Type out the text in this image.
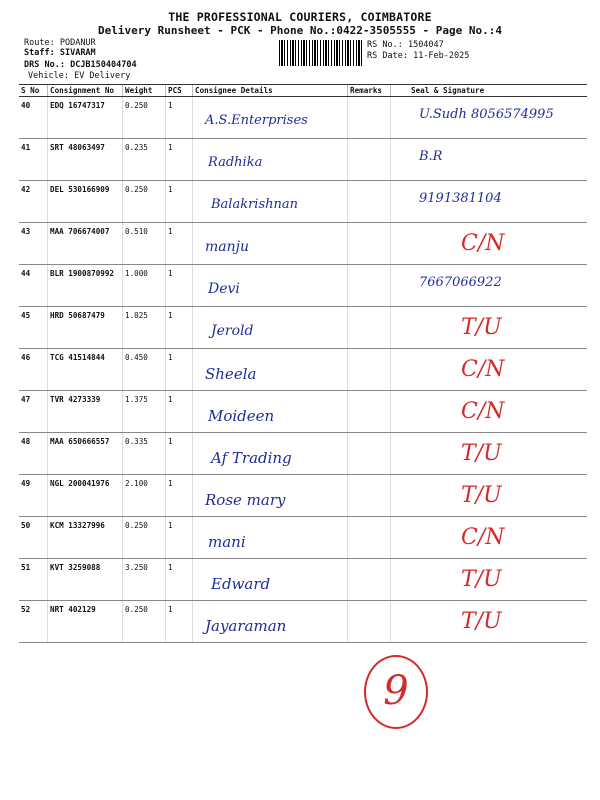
THE PROFESSIONAL COURIERS, COIMBATORE
Delivery Runsheet - PCK - Phone No.:0422-3505555 - Page No.:4
Route: PODANUR
Staff: SIVARAM
DRS No.: DCJB150404704
Vehicle: EV Delivery
RS No.: 1504047
RS Date: 11-Feb-2025
S No	Consignment No	Weight	PCS	Consignee Details	Remarks	Seal & Signature
40	EDQ 16747317	0.250	1	A.S.Enterprises		U.Sudh 8056574995

41	SRT 48063497	0.235	1	Radhika		B.R

42	DEL 530166909	0.250	1	Balakrishnan		9191381104

43	MAA 706674007	0.510	1	manju		C/N

44	BLR 1900870992	1.000	1	Devi		7667066922

45	HRD 50687479	1.025	1	Jerold		T/U

46	TCG 41514844	0.450	1	Sheela		C/N

47	TVR 4273339	1.375	1	Moideen		C/N

48	MAA 650666557	0.335	1	Af Trading		T/U

49	NGL 200041976	2.100	1	Rose mary		T/U

50	KCM 13327996	0.250	1	mani		C/N

51	KVT 3259088	3.250	1	Edward		T/U

52	NRT 402129	0.250	1	Jayaraman		T/U
9
